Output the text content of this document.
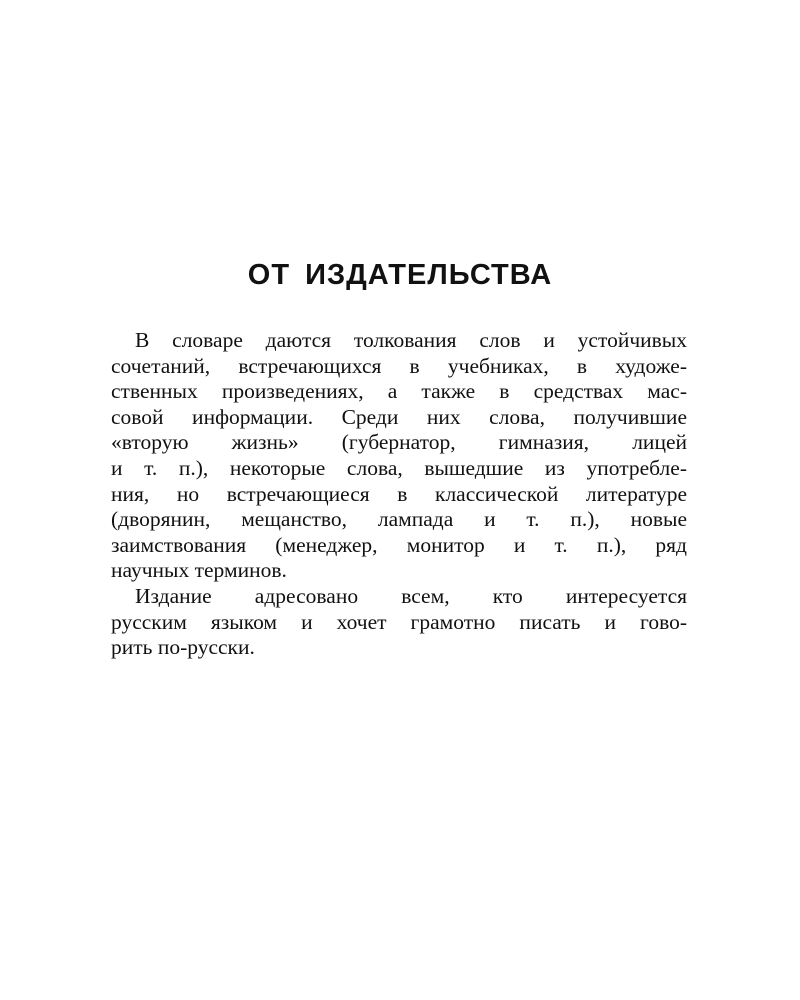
ОТ ИЗДАТЕЛЬСТВА
В словаре даются толкования слов и устойчивых
сочетаний, встречающихся в учебниках, в художе-
ственных произведениях, а также в средствах мас-
совой информации. Среди них слова, получившие
«вторую жизнь» (губернатор, гимназия, лицей
и т. п.), некоторые слова, вышедшие из употребле-
ния, но встречающиеся в классической литературе
(дворянин, мещанство, лампада и т. п.), новые
заимствования (менеджер, монитор и т. п.), ряд
научных терминов.
Издание адресовано всем, кто интересуется
русским языком и хочет грамотно писать и гово-
рить по-русски.
